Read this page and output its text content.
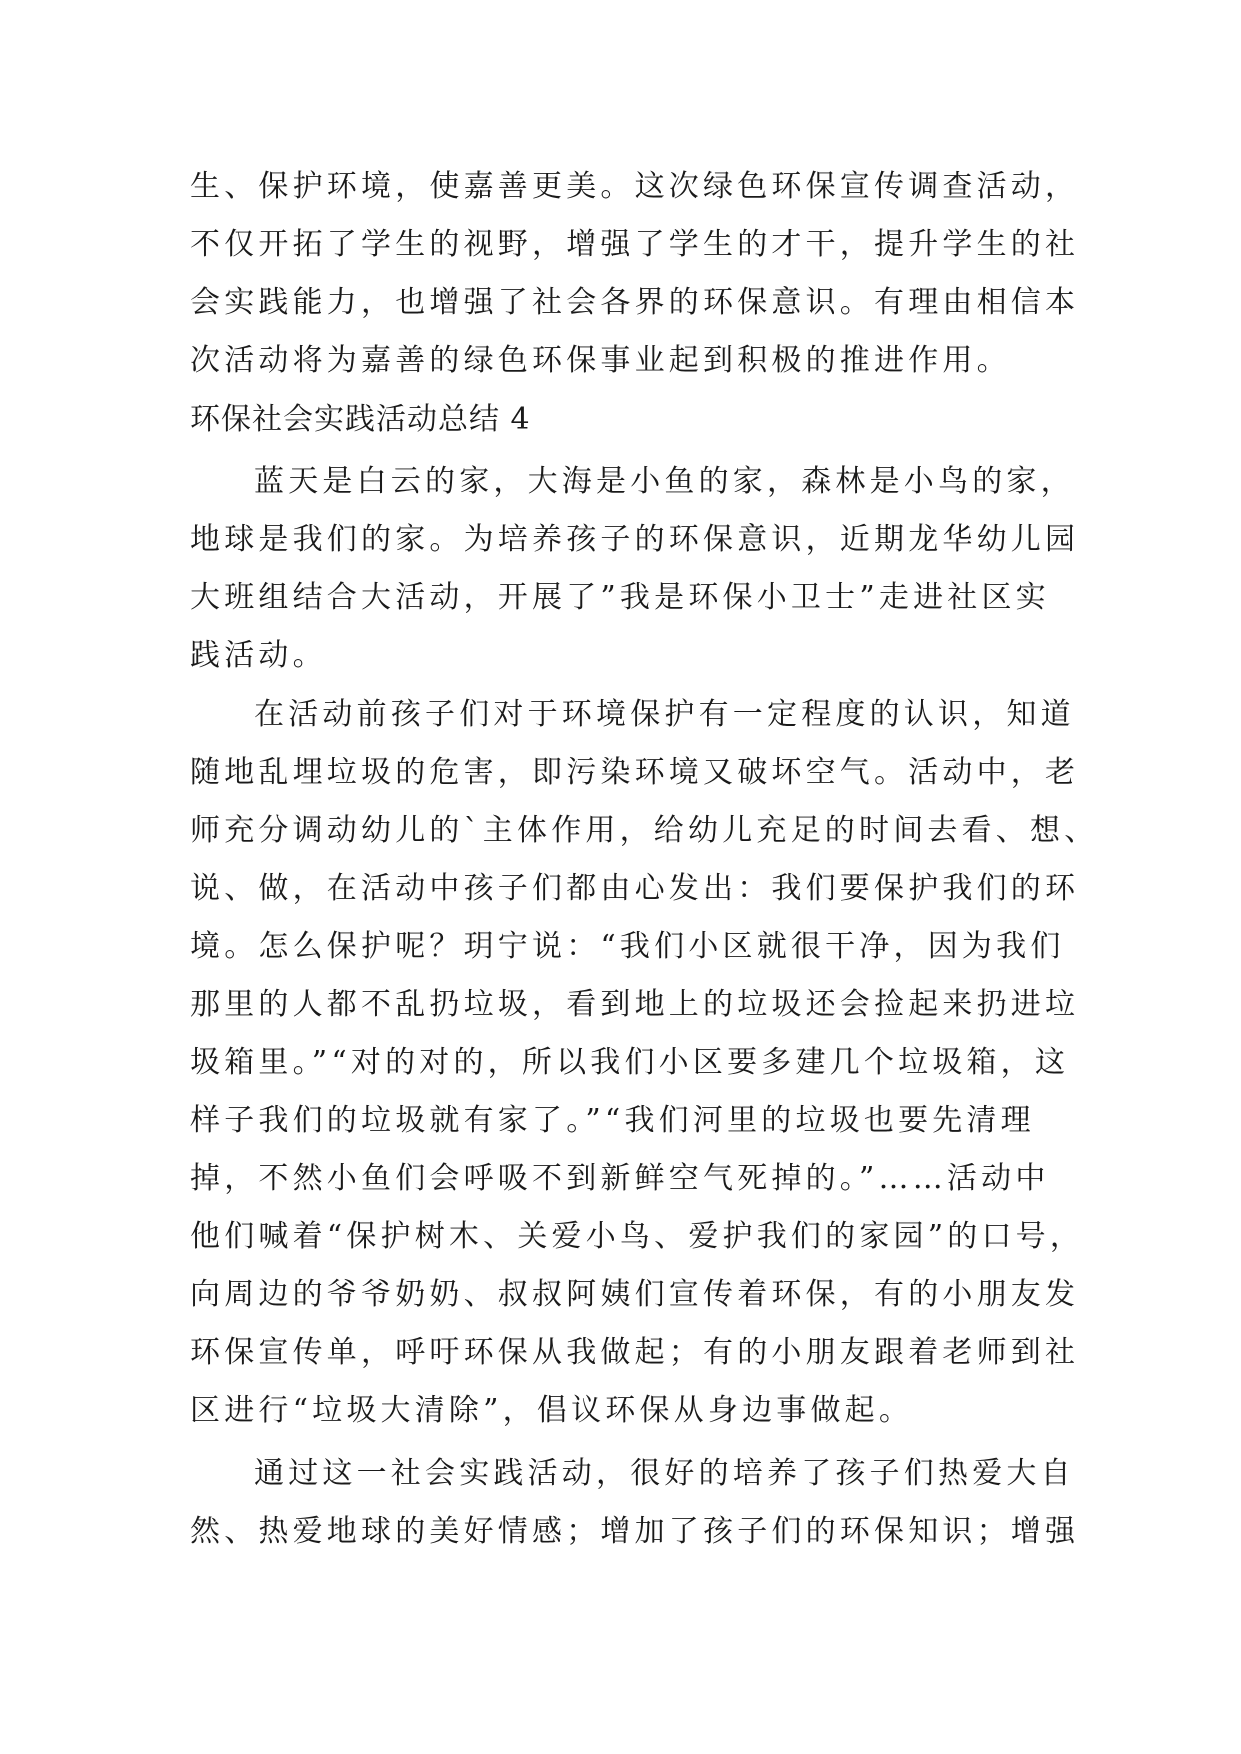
生、保护环境，使嘉善更美。这次绿色环保宣传调查活动，
不仅开拓了学生的视野，增强了学生的才干，提升学生的社
会实践能力，也增强了社会各界的环保意识。有理由相信本
次活动将为嘉善的绿色环保事业起到积极的推进作用。
环保社会实践活动总结 4
蓝天是白云的家，大海是小鱼的家，森林是小鸟的家，
地球是我们的家。为培养孩子的环保意识，近期龙华幼儿园
大班组结合大活动，开展了”我是环保小卫士”走进社区实
践活动。
在活动前孩子们对于环境保护有一定程度的认识，知道
随地乱埋垃圾的危害，即污染环境又破坏空气。活动中，老
师充分调动幼儿的`主体作用，给幼儿充足的时间去看、想、
说、做，在活动中孩子们都由心发出：我们要保护我们的环
境。怎么保护呢？玥宁说：“我们小区就很干净，因为我们
那里的人都不乱扔垃圾，看到地上的垃圾还会捡起来扔进垃
圾箱里。”“对的对的，所以我们小区要多建几个垃圾箱，这
样子我们的垃圾就有家了。”“我们河里的垃圾也要先清理
掉，不然小鱼们会呼吸不到新鲜空气死掉的。”……活动中
他们喊着“保护树木、关爱小鸟、爱护我们的家园”的口号，
向周边的爷爷奶奶、叔叔阿姨们宣传着环保，有的小朋友发
环保宣传单，呼吁环保从我做起；有的小朋友跟着老师到社
区进行“垃圾大清除”，倡议环保从身边事做起。
通过这一社会实践活动，很好的培养了孩子们热爱大自
然、热爱地球的美好情感；增加了孩子们的环保知识；增强
